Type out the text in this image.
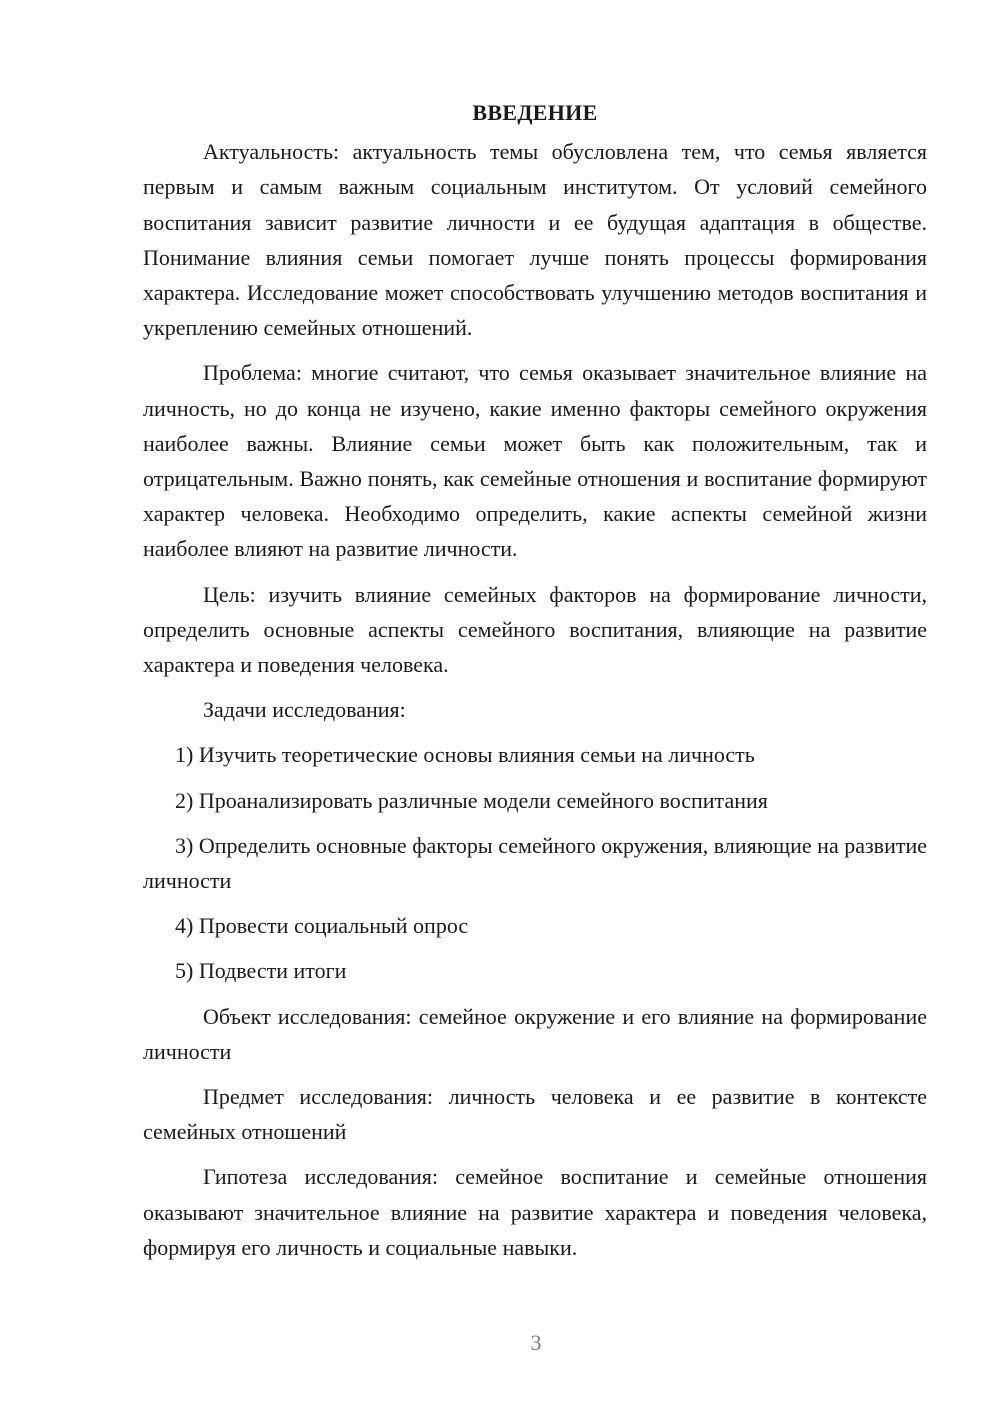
ВВЕДЕНИЕ

Актуальность: актуальность темы обусловлена тем, что семья является первым и самым важным социальным институтом. От условий семейного воспитания зависит развитие личности и ее будущая адаптация в обществе. Понимание влияния семьи помогает лучше понять процессы формирования характера. Исследование может способствовать улучшению методов воспитания и укреплению семейных отношений.

Проблема: многие считают, что семья оказывает значительное влияние на личность, но до конца не изучено, какие именно факторы семейного окружения наиболее важны. Влияние семьи может быть как положительным, так и отрицательным. Важно понять, как семейные отношения и воспитание формируют характер человека. Необходимо определить, какие аспекты семейной жизни наиболее влияют на развитие личности.

Цель: изучить влияние семейных факторов на формирование личности, определить основные аспекты семейного воспитания, влияющие на развитие характера и поведения человека.

Задачи исследования:

1) Изучить теоретические основы влияния семьи на личность

2) Проанализировать различные модели семейного воспитания

3) Определить основные факторы семейного окружения, влияющие на развитие личности

4) Провести социальный опрос

5) Подвести итоги

Объект исследования: семейное окружение и его влияние на формирование личности

Предмет исследования: личность человека и ее развитие в контексте семейных отношений

Гипотеза исследования: семейное воспитание и семейные отношения оказывают значительное влияние на развитие характера и поведения человека, формируя его личность и социальные навыки.

3
